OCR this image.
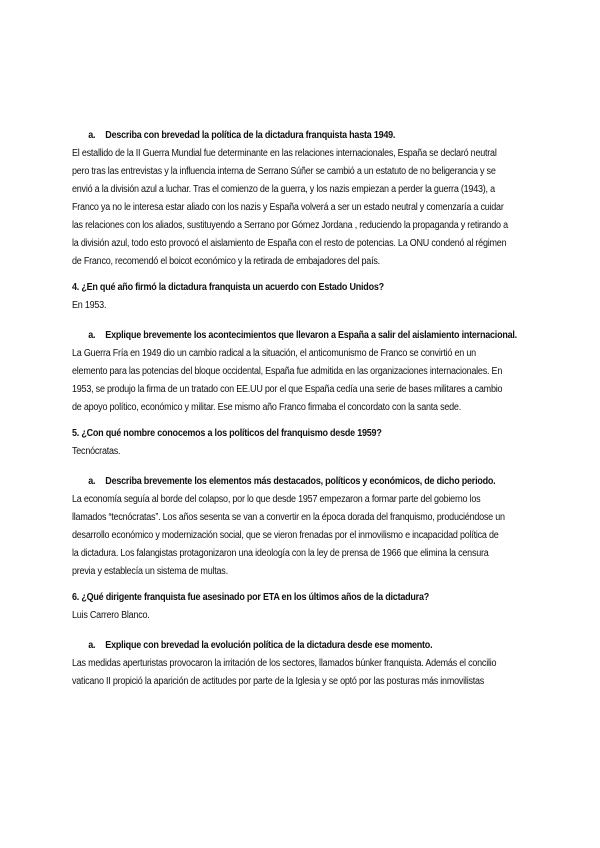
a. Describa con brevedad la política de la dictadura franquista hasta 1949.
El estallido de la II Guerra Mundial fue determinante en las relaciones internacionales, España se declaró neutral
pero tras las entrevistas y la influencia interna de Serrano Súñer se cambió a un estatuto de no beligerancia y se
envió a la división azul a luchar. Tras el comienzo de la guerra, y los nazis empiezan a perder la guerra (1943), a
Franco ya no le interesa estar aliado con los nazis y España volverá a ser un estado neutral y comenzaría a cuidar
las relaciones con los aliados, sustituyendo a Serrano por Gómez Jordana , reduciendo la propaganda y retirando a
la división azul, todo esto provocó el aislamiento de España con el resto de potencias. La ONU condenó al régimen
de Franco, recomendó el boicot económico y la retirada de embajadores del país.
4. ¿En qué año firmó la dictadura franquista un acuerdo con Estado Unidos?
En 1953.
a. Explique brevemente los acontecimientos que llevaron a España a salir del aislamiento internacional.
La Guerra Fría en 1949 dio un cambio radical a la situación, el anticomunismo de Franco se convirtió en un
elemento para las potencias del bloque occidental, España fue admitida en las organizaciones internacionales. En
1953, se produjo la firma de un tratado con EE.UU por el que España cedía una serie de bases militares a cambio
de apoyo político, económico y militar. Ese mismo año Franco firmaba el concordato con la santa sede.
5. ¿Con qué nombre conocemos a los políticos del franquismo desde 1959?
Tecnócratas.
a. Describa brevemente los elementos más destacados, políticos y económicos, de dicho periodo.
La economía seguía al borde del colapso, por lo que desde 1957 empezaron a formar parte del gobierno los
llamados “tecnócratas”. Los años sesenta se van a convertir en la época dorada del franquismo, produciéndose un
desarrollo económico y modernización social, que se vieron frenadas por el inmovilismo e incapacidad política de
la dictadura. Los falangistas protagonizaron una ideología con la ley de prensa de 1966 que elimina la censura
previa y establecía un sistema de multas.
6. ¿Qué dirigente franquista fue asesinado por ETA en los últimos años de la dictadura?
Luis Carrero Blanco.
a. Explique con brevedad la evolución política de la dictadura desde ese momento.
Las medidas aperturistas provocaron la irritación de los sectores, llamados búnker franquista. Además el concilio
vaticano II propició la aparición de actitudes por parte de la Iglesia y se optó por las posturas más inmovilistas
